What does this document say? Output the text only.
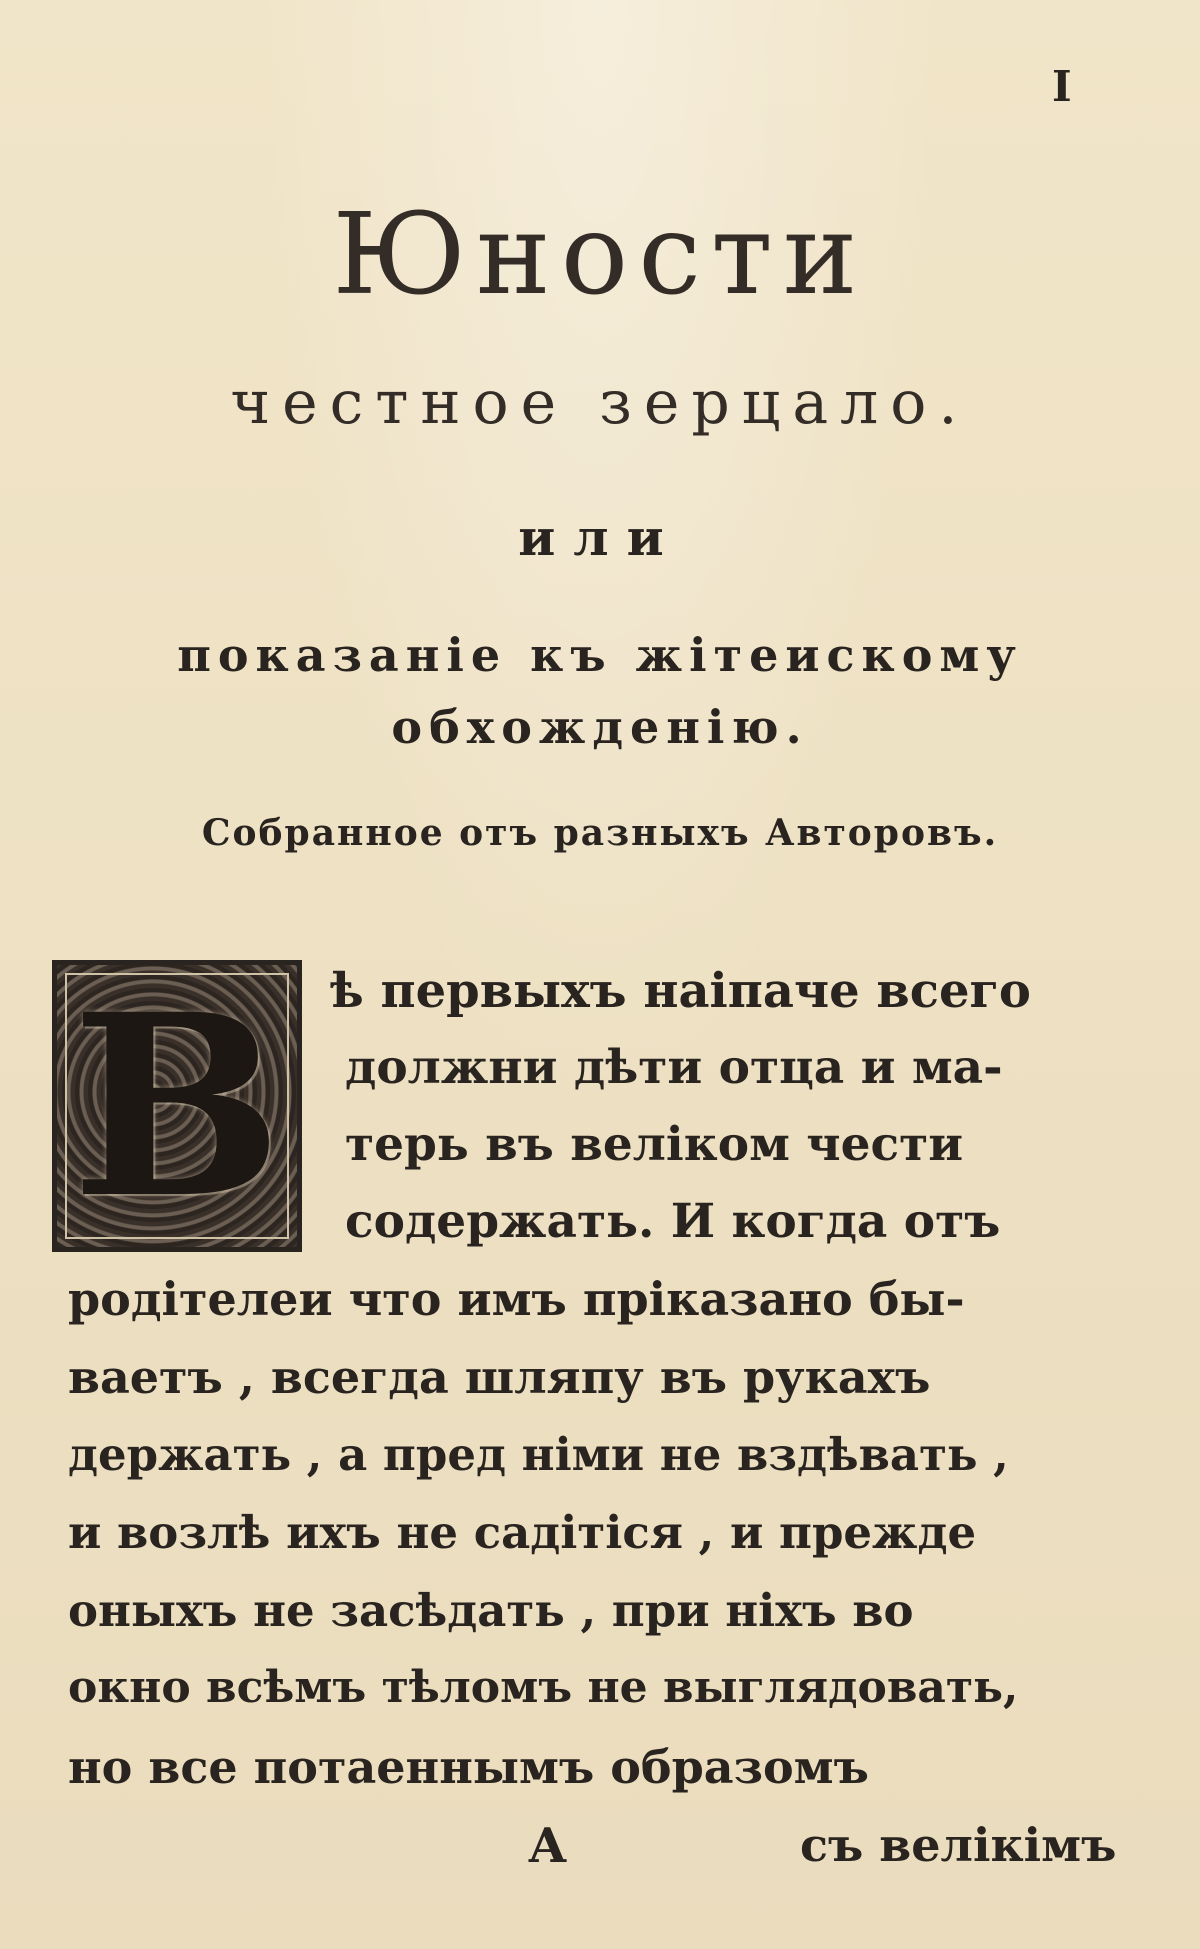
I
Юности
честное зерцало.
или
показаніе къ жітеискому
обхожденію.
Собранное отъ разныхъ Авторовъ.
В ѣ первыхъ наіпаче всего
должни дѣти отца и ма-
терь въ веліком чести
содержать. И когда отъ
родітелеи что имъ пріказано бы-
ваетъ , всегда шляпу въ рукахъ
держать , а пред німи не вздѣвать ,
и возлѣ ихъ не садітіся , и прежде
оныхъ не засѣдать , при ніхъ во
окно всѣмъ тѣломъ не выглядовать,
но все потаеннымъ образомъ
А	съ велікімъ
